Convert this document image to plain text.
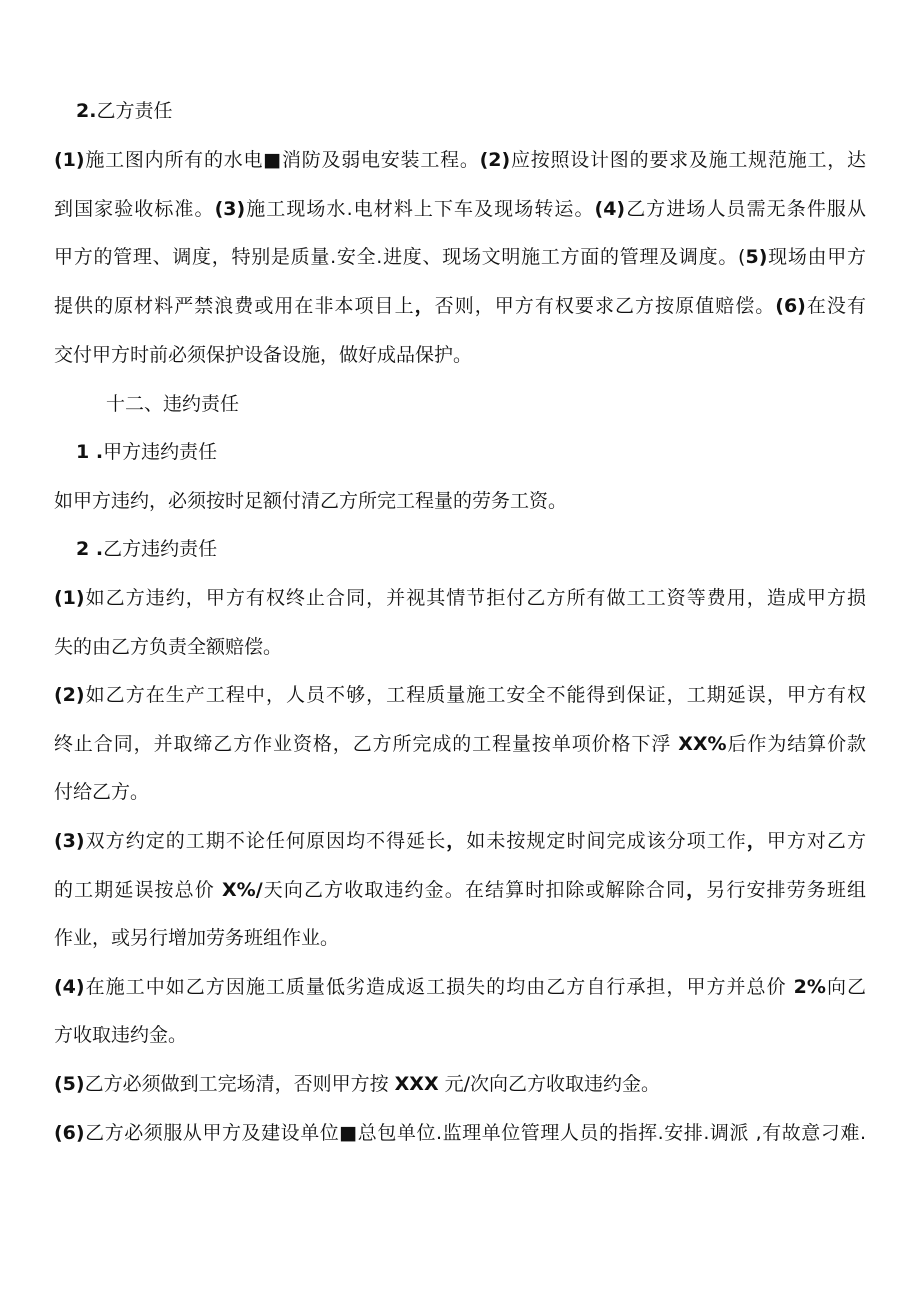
2.乙方责任
(1)施工图内所有的水电■消防及弱电安装工程。(2)应按照设计图的要求及施工规范施工，达
到国家验收标准。(3)施工现场水.电材料上下车及现场转运。(4)乙方进场人员需无条件服从
甲方的管理、调度，特别是质量.安全.进度、现场文明施工方面的管理及调度。(5)现场由甲方
提供的原材料严禁浪费或用在非本项目上，否则，甲方有权要求乙方按原值赔偿。(6)在没有
交付甲方时前必须保护设备设施，做好成品保护。
十二、违约责任
1 .甲方违约责任
如甲方违约，必须按时足额付清乙方所完工程量的劳务工资。
2 .乙方违约责任
(1)如乙方违约，甲方有权终止合同，并视其情节拒付乙方所有做工工资等费用，造成甲方损
失的由乙方负责全额赔偿。
(2)如乙方在生产工程中，人员不够，工程质量施工安全不能得到保证，工期延误，甲方有权
终止合同，并取缔乙方作业资格，乙方所完成的工程量按单项价格下浮 XX%后作为结算价款
付给乙方。
(3)双方约定的工期不论任何原因均不得延长，如未按规定时间完成该分项工作，甲方对乙方
的工期延误按总价 X%/天向乙方收取违约金。在结算时扣除或解除合同，另行安排劳务班组
作业，或另行增加劳务班组作业。
(4)在施工中如乙方因施工质量低劣造成返工损失的均由乙方自行承担，甲方并总价 2%向乙
方收取违约金。
(5)乙方必须做到工完场清，否则甲方按 XXX 元/次向乙方收取违约金。
(6)乙方必须服从甲方及建设单位■总包单位.监理单位管理人员的指挥.安排.调派 ,有故意刁难.
